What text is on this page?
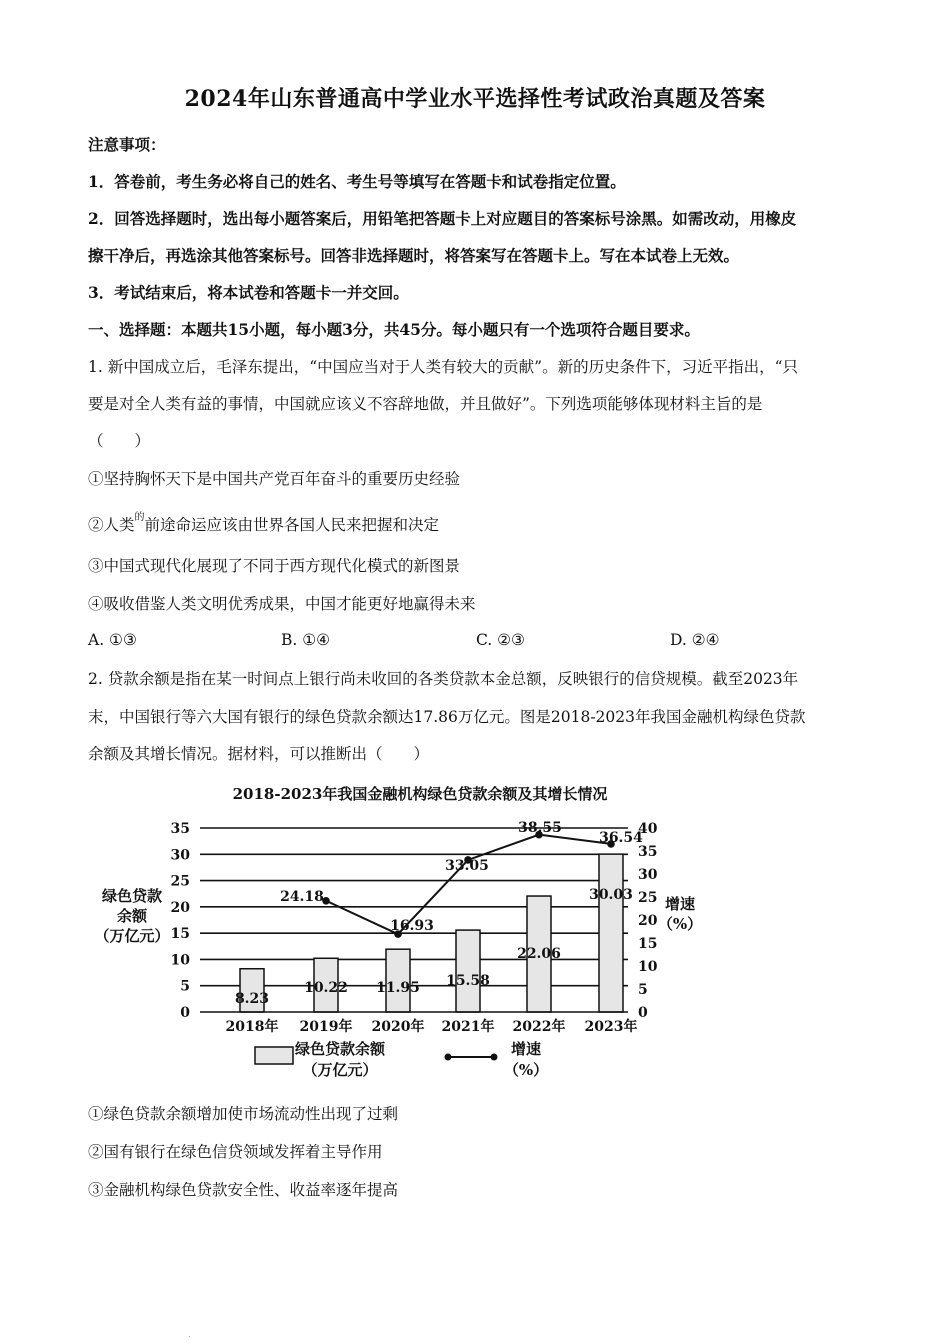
2024年山东普通高中学业水平选择性考试政治真题及答案
注意事项：
1．答卷前，考生务必将自己的姓名、考生号等填写在答题卡和试卷指定位置。
2．回答选择题时，选出每小题答案后，用铅笔把答题卡上对应题目的答案标号涂黑。如需改动，用橡皮
擦干净后，再选涂其他答案标号。回答非选择题时，将答案写在答题卡上。写在本试卷上无效。
3．考试结束后，将本试卷和答题卡一并交回。
一、选择题：本题共15小题，每小题3分，共45分。每小题只有一个选项符合题目要求。
1. 新中国成立后，毛泽东提出，“中国应当对于人类有较大的贡献”。新的历史条件下，习近平指出，“只
要是对全人类有益的事情，中国就应该义不容辞地做，并且做好”。下列选项能够体现材料主旨的是
（　　）
①坚持胸怀天下是中国共产党百年奋斗的重要历史经验
②人类$^的$前途命运应该由世界各国人民来把握和决定
③中国式现代化展现了不同于西方现代化模式的新图景
④吸收借鉴人类文明优秀成果，中国才能更好地赢得未来
A. ①③	B. ①④	C. ②③	D. ②④
2. 贷款余额是指在某一时间点上银行尚未收回的各类贷款本金总额，反映银行的信贷规模。截至2023年
末，中国银行等六大国有银行的绿色贷款余额达17.86万亿元。图是2018-2023年我国金融机构绿色贷款
余额及其增长情况。据材料，可以推断出（　　）
2018-2023年我国金融机构绿色贷款余额及其增长情况
0
5
10
15
20
25
30
35
0
5
10
15
20
25
30
35
40
绿色贷款
余额
（万亿元）
增速
（%）
8.23
10.22 11.95 15.58
22.06
30.03
24.18
16.93
33.05
38.55
36.54
2018年 2019年 2020年 2021年 2022年 2023年
绿色贷款余额
（万亿元）
增速
（%）
①绿色贷款余额增加使市场流动性出现了过剩
②国有银行在绿色信贷领域发挥着主导作用
③金融机构绿色贷款安全性、收益率逐年提高
.
